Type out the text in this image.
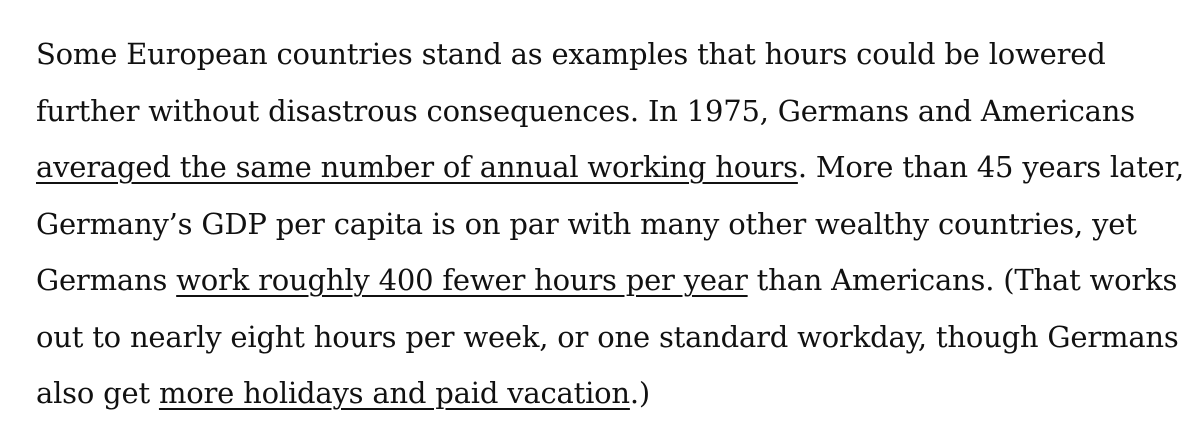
Some European countries stand as examples that hours could be lowered
further without disastrous consequences. In 1975, Germans and Americans
averaged the same number of annual working hours. More than 45 years later,
Germany’s GDP per capita is on par with many other wealthy countries, yet
Germans work roughly 400 fewer hours per year than Americans. (That works
out to nearly eight hours per week, or one standard workday, though Germans
also get more holidays and paid vacation.)
